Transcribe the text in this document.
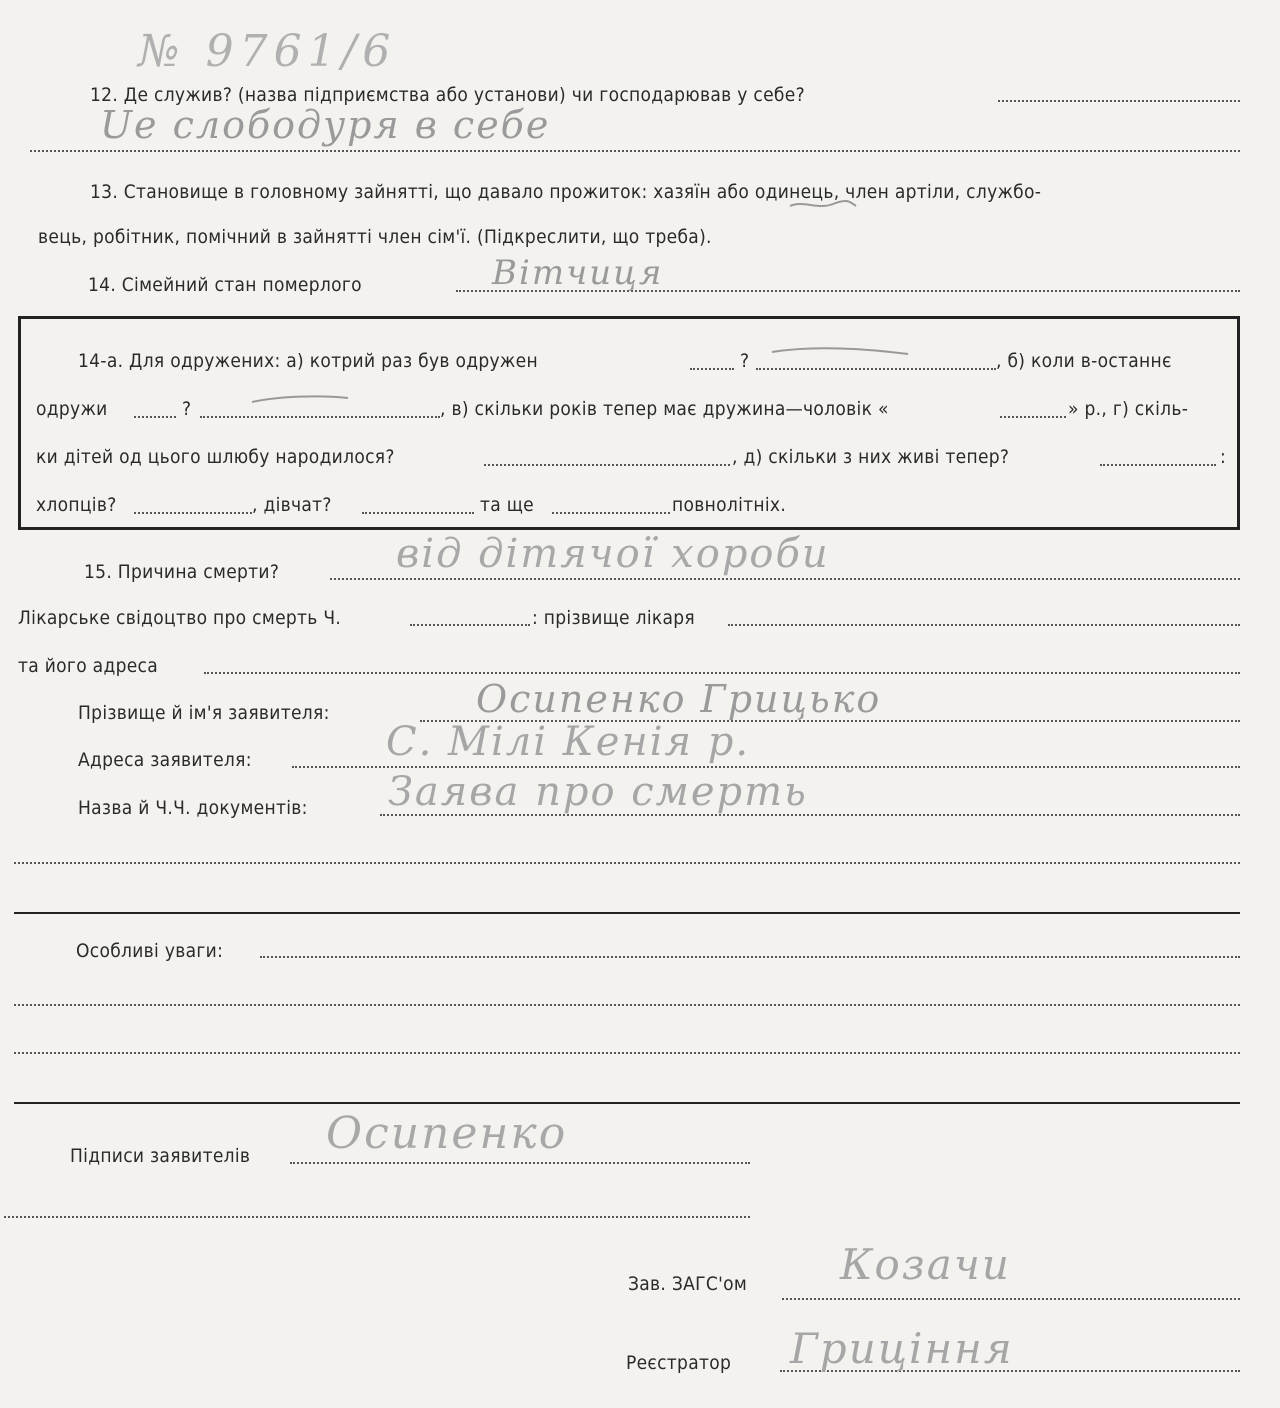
№ 9761/6
12. Де служив? (назва підприємства або установи) чи господарював у себе?
Ue слободуря в себе
13. Становище в головному зайнятті, що давало прожиток: хазяїн або одинець, член артіли, службо-
вець, робітник, помічний в зайнятті член сім'ї. (Підкреслити, що треба).
14. Сімейний стан померлого	Вітчиця
14-а. Для одружених: а) котрий раз був одружен	?	, б) коли в-останнє
одружи	?	, в) скільки років тепер має дружина—чоловік «	» р., г) скіль-
ки дітей од цього шлюбу народилося?	, д) скільки з них живі тепер?	:
хлопців?	, дівчат?	та ще	повнолітніх.
15. Причина смерти?	від дітячої хороби
Лікарське свідоцтво про смерть Ч.	: прізвище лікаря
та його адреса
Прізвище й ім'я заявителя:	Осипенко Грицько
Адреса заявителя:	С. Мілі Кенія р.
Назва й Ч.Ч. документів: Заява про смерть
Особливі уваги:
Підписи заявителів Осипенко
Зав. ЗАГС'ом Козачи
Реєстратор Гриціння
